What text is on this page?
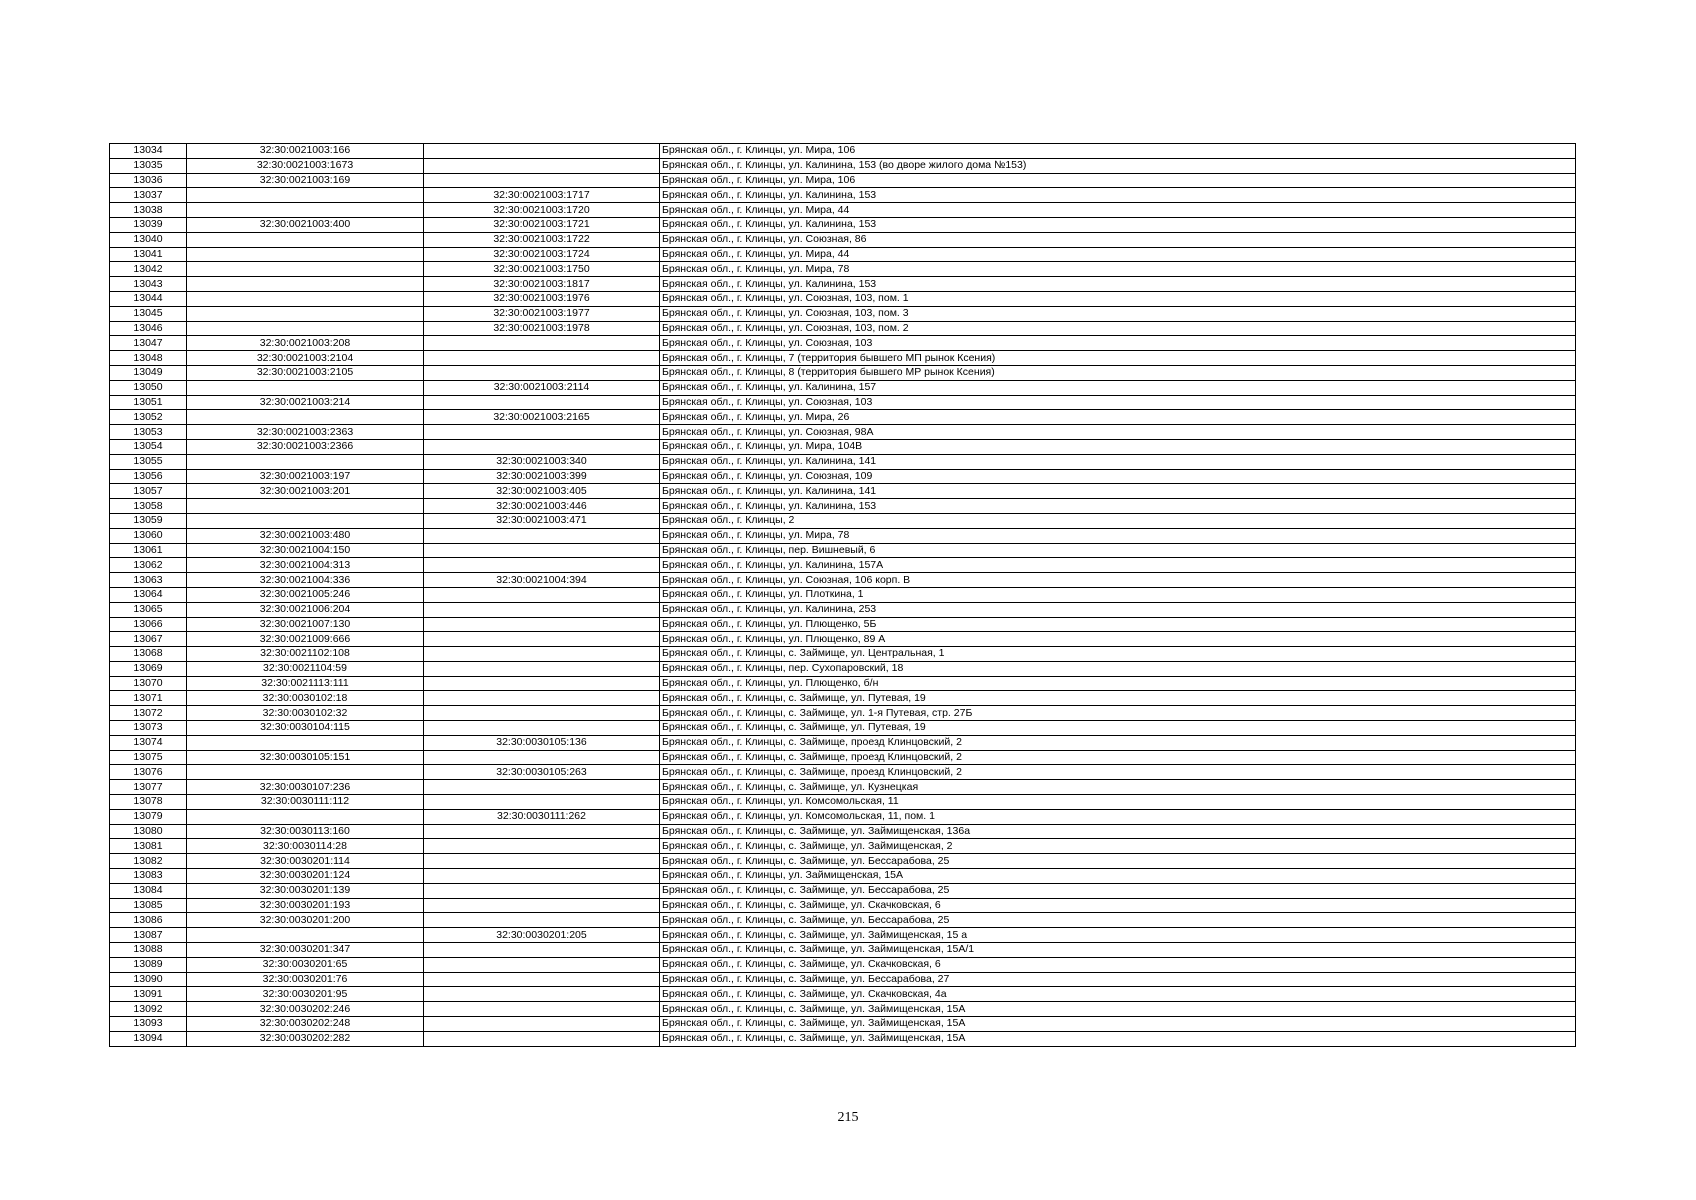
13034	32:30:0021003:166		Брянская обл., г. Клинцы, ул. Мира, 106
13035	32:30:0021003:1673		Брянская обл., г. Клинцы, ул. Калинина, 153 (во дворе жилого дома №153)
13036	32:30:0021003:169		Брянская обл., г. Клинцы, ул. Мира, 106
13037		32:30:0021003:1717	Брянская обл., г. Клинцы, ул. Калинина, 153
13038		32:30:0021003:1720	Брянская обл., г. Клинцы, ул. Мира, 44
13039	32:30:0021003:400	32:30:0021003:1721	Брянская обл., г. Клинцы, ул. Калинина, 153
13040		32:30:0021003:1722	Брянская обл., г. Клинцы, ул. Союзная, 86
13041		32:30:0021003:1724	Брянская обл., г. Клинцы, ул. Мира, 44
13042		32:30:0021003:1750	Брянская обл., г. Клинцы, ул. Мира, 78
13043		32:30:0021003:1817	Брянская обл., г. Клинцы, ул. Калинина, 153
13044		32:30:0021003:1976	Брянская обл., г. Клинцы, ул. Союзная, 103, пом. 1
13045		32:30:0021003:1977	Брянская обл., г. Клинцы, ул. Союзная, 103, пом. 3
13046		32:30:0021003:1978	Брянская обл., г. Клинцы, ул. Союзная, 103, пом. 2
13047	32:30:0021003:208		Брянская обл., г. Клинцы, ул. Союзная, 103
13048	32:30:0021003:2104		Брянская обл., г. Клинцы, 7 (территория бывшего МП рынок Ксения)
13049	32:30:0021003:2105		Брянская обл., г. Клинцы, 8 (территория бывшего МР рынок Ксения)
13050		32:30:0021003:2114	Брянская обл., г. Клинцы, ул. Калинина, 157
13051	32:30:0021003:214		Брянская обл., г. Клинцы, ул. Союзная, 103
13052		32:30:0021003:2165	Брянская обл., г. Клинцы, ул. Мира, 26
13053	32:30:0021003:2363		Брянская обл., г. Клинцы, ул. Союзная, 98А
13054	32:30:0021003:2366		Брянская обл., г. Клинцы, ул. Мира, 104В
13055		32:30:0021003:340	Брянская обл., г. Клинцы, ул. Калинина, 141
13056	32:30:0021003:197	32:30:0021003:399	Брянская обл., г. Клинцы, ул. Союзная, 109
13057	32:30:0021003:201	32:30:0021003:405	Брянская обл., г. Клинцы, ул. Калинина, 141
13058		32:30:0021003:446	Брянская обл., г. Клинцы, ул. Калинина, 153
13059		32:30:0021003:471	Брянская обл., г. Клинцы, 2
13060	32:30:0021003:480		Брянская обл., г. Клинцы, ул. Мира, 78
13061	32:30:0021004:150		Брянская обл., г. Клинцы, пер. Вишневый, 6
13062	32:30:0021004:313		Брянская обл., г. Клинцы, ул. Калинина, 157А
13063	32:30:0021004:336	32:30:0021004:394	Брянская обл., г. Клинцы, ул. Союзная, 106 корп. В
13064	32:30:0021005:246		Брянская обл., г. Клинцы, ул. Плоткина, 1
13065	32:30:0021006:204		Брянская обл., г. Клинцы, ул. Калинина, 253
13066	32:30:0021007:130		Брянская обл., г. Клинцы, ул. Плющенко, 5Б
13067	32:30:0021009:666		Брянская обл., г. Клинцы, ул. Плющенко, 89 А
13068	32:30:0021102:108		Брянская обл., г. Клинцы, с. Займище, ул. Центральная, 1
13069	32:30:0021104:59		Брянская обл., г. Клинцы, пер. Сухопаровский, 18
13070	32:30:0021113:111		Брянская обл., г. Клинцы, ул. Плющенко, б/н
13071	32:30:0030102:18		Брянская обл., г. Клинцы, с. Займище, ул. Путевая, 19
13072	32:30:0030102:32		Брянская обл., г. Клинцы, с. Займище, ул. 1-я Путевая, стр. 27Б
13073	32:30:0030104:115		Брянская обл., г. Клинцы, с. Займище, ул. Путевая, 19
13074		32:30:0030105:136	Брянская обл., г. Клинцы, с. Займище, проезд Клинцовский, 2
13075	32:30:0030105:151		Брянская обл., г. Клинцы, с. Займище, проезд Клинцовский, 2
13076		32:30:0030105:263	Брянская обл., г. Клинцы, с. Займище, проезд Клинцовский, 2
13077	32:30:0030107:236		Брянская обл., г. Клинцы, с. Займище, ул. Кузнецкая
13078	32:30:0030111:112		Брянская обл., г. Клинцы, ул. Комсомольская, 11
13079		32:30:0030111:262	Брянская обл., г. Клинцы, ул. Комсомольская, 11, пом. 1
13080	32:30:0030113:160		Брянская обл., г. Клинцы, с. Займище, ул. Займищенская, 136а
13081	32:30:0030114:28		Брянская обл., г. Клинцы, с. Займище, ул. Займищенская, 2
13082	32:30:0030201:114		Брянская обл., г. Клинцы, с. Займище, ул. Бессарабова, 25
13083	32:30:0030201:124		Брянская обл., г. Клинцы, ул. Займищенская, 15А
13084	32:30:0030201:139		Брянская обл., г. Клинцы, с. Займище, ул. Бессарабова, 25
13085	32:30:0030201:193		Брянская обл., г. Клинцы, с. Займище, ул. Скачковская, 6
13086	32:30:0030201:200		Брянская обл., г. Клинцы, с. Займище, ул. Бессарабова, 25
13087		32:30:0030201:205	Брянская обл., г. Клинцы, с. Займище, ул. Займищенская, 15 а
13088	32:30:0030201:347		Брянская обл., г. Клинцы, с. Займище, ул. Займищенская, 15А/1
13089	32:30:0030201:65		Брянская обл., г. Клинцы, с. Займище, ул. Скачковская, 6
13090	32:30:0030201:76		Брянская обл., г. Клинцы, с. Займище, ул. Бессарабова, 27
13091	32:30:0030201:95		Брянская обл., г. Клинцы, с. Займище, ул. Скачковская, 4а
13092	32:30:0030202:246		Брянская обл., г. Клинцы, с. Займище, ул. Займищенская, 15А
13093	32:30:0030202:248		Брянская обл., г. Клинцы, с. Займище, ул. Займищенская, 15А
13094	32:30:0030202:282		Брянская обл., г. Клинцы, с. Займище, ул. Займищенская, 15А
215
